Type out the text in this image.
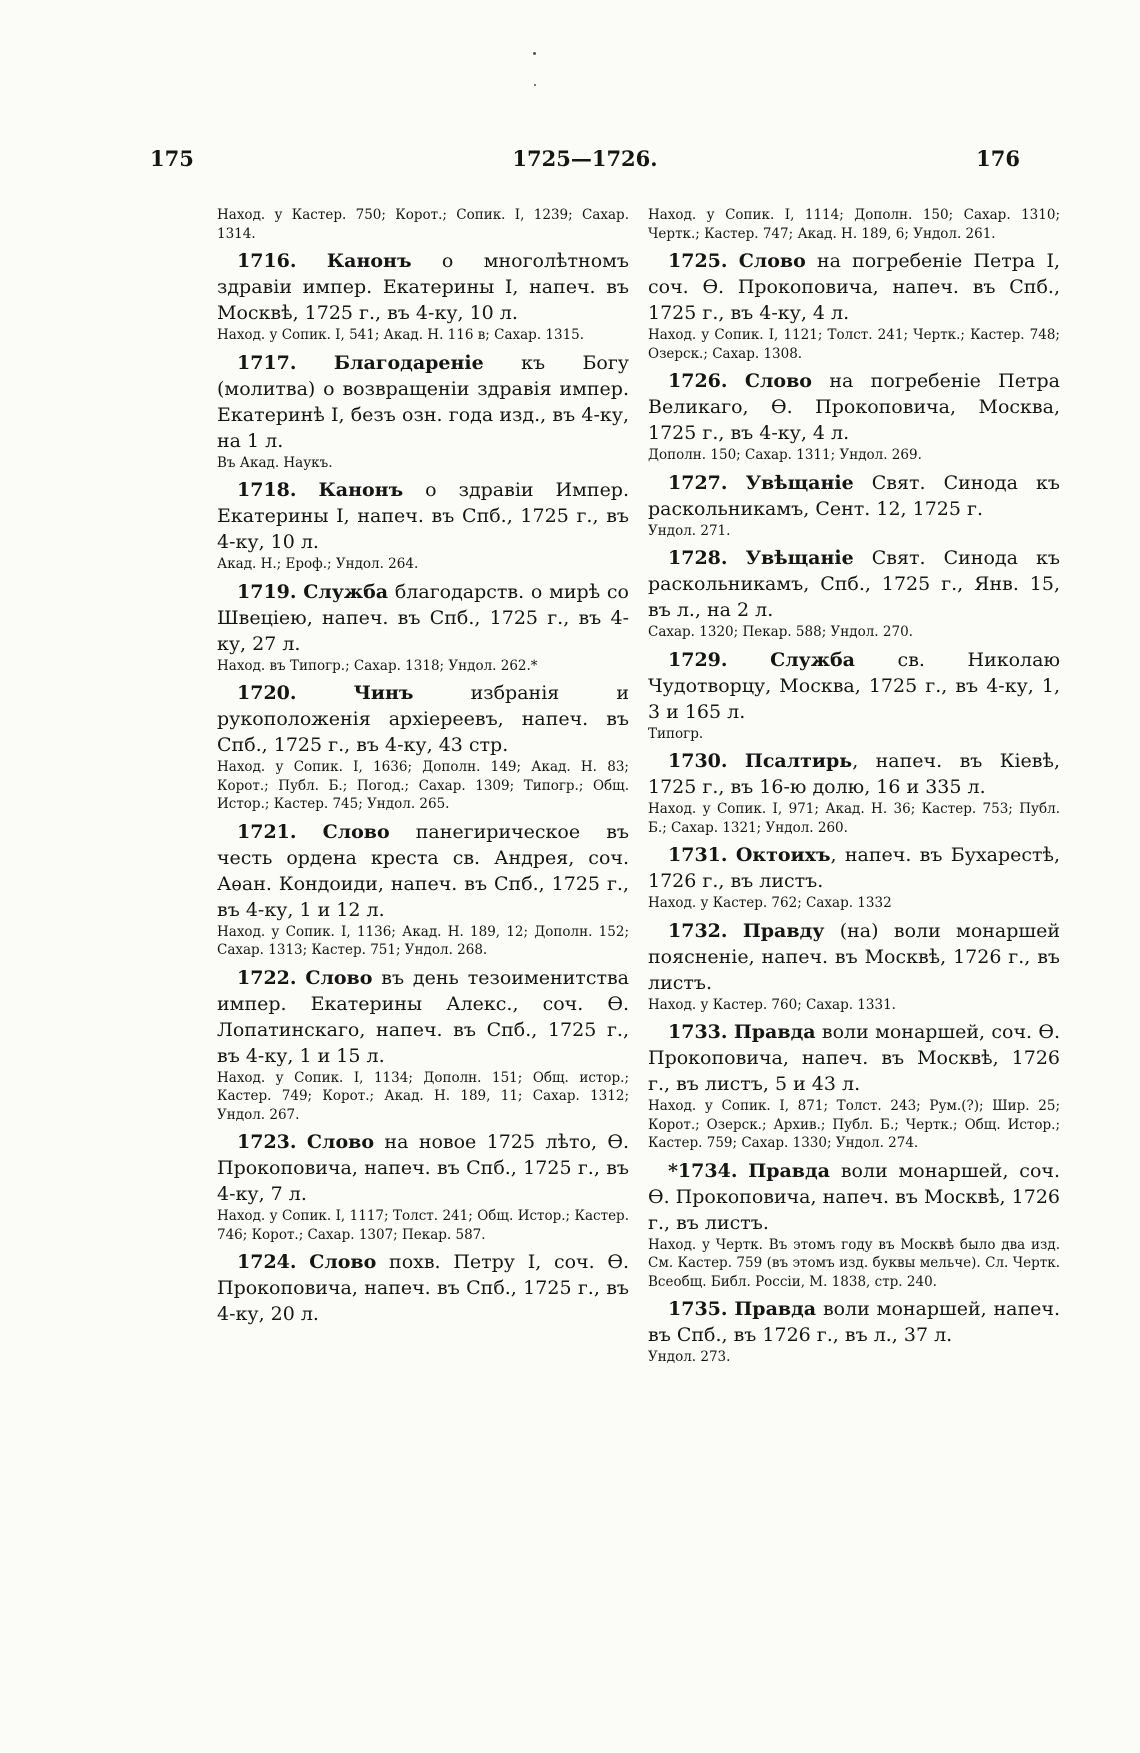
175	1725—1726.	176

Наход. у Кастер. 750; Корот.; Сопик. I, 1239; Сахар. 1314.

1716. Канонъ о многолѣтномъ здравіи импер. Екатерины I, напеч. въ Москвѣ, 1725 г., въ 4-ку, 10 л.

Наход. у Сопик. I, 541; Акад. Н. 116 в; Сахар. 1315.

1717. Благодареніе къ Богу (молитва) о возвращеніи здравія импер. Екатеринѣ I, безъ озн. года изд., въ 4-ку, на 1 л.

Въ Акад. Наукъ.

1718. Канонъ о здравіи Импер. Екатерины I, напеч. въ Спб., 1725 г., въ 4-ку, 10 л.

Акад. Н.; Ероф.; Ундол. 264.

1719. Служба благодарств. о мирѣ со Швеціею, напеч. въ Спб., 1725 г., въ 4-ку, 27 л.

Наход. въ Типогр.; Сахар. 1318; Ундол. 262.*

1720.	Чинъ	избранія и рукоположенія архіереевъ, напеч. въ Спб., 1725 г., въ 4-ку, 43 стр.

Наход. у Сопик. I, 1636; Дополн. 149; Акад. Н. 83; Корот.; Публ. Б.; Погод.; Сахар. 1309; Типогр.; Общ. Истор.; Кастер. 745; Ундол. 265.

1721. Слово панегирическое въ честь ордена креста св. Андрея, соч. Аѳан. Кондоиди, напеч. въ Спб., 1725 г., въ 4-ку, 1 и 12 л.

Наход. у Сопик. I, 1136; Акад. Н. 189, 12; Дополн. 152; Сахар. 1313; Кастер. 751; Ундол. 268.

1722. Слово въ день тезоименитства импер. Екатерины Алекс., соч. Ѳ. Лопатинскаго, напеч. въ Спб., 1725 г., въ 4-ку, 1 и 15 л.

Наход. у Сопик. I, 1134; Дополн. 151; Общ. истор.; Кастер. 749; Корот.; Акад. Н. 189, 11; Сахар. 1312; Ундол. 267.

1723. Слово на новое 1725 лѣто, Ѳ. Прокоповича, напеч. въ Спб., 1725 г., въ 4-ку, 7 л.

Наход. у Сопик. I, 1117; Толст. 241; Общ. Истор.; Кастер. 746; Корот.; Сахар. 1307; Пекар. 587.

1724. Слово похв. Петру I, соч. Ѳ. Прокоповича, напеч. въ Спб., 1725 г., въ 4-ку, 20 л.

Наход. у Сопик. I, 1114; Дополн. 150; Сахар. 1310; Чертк.; Кастер. 747; Акад. Н. 189, 6; Ундол. 261.

1725. Слово на погребеніе Петра I, соч. Ѳ. Прокоповича, напеч. въ Спб., 1725 г., въ 4-ку, 4 л.

Наход. у Сопик. I, 1121; Толст. 241; Чертк.; Кастер. 748; Озерск.; Сахар. 1308.

1726. Слово на погребеніе Петра Великаго, Ѳ. Прокоповича, Москва, 1725 г., въ 4-ку, 4 л.

Дополн. 150; Сахар. 1311; Ундол. 269.

1727. Увѣщаніе Свят. Синода къ раскольникамъ, Сент. 12, 1725 г.

Ундол. 271.

1728. Увѣщаніе Свят. Синода къ раскольникамъ, Спб., 1725 г., Янв. 15, въ л., на 2 л.

Сахар. 1320; Пекар. 588; Ундол. 270.

1729. Служба св. Николаю Чудотворцу, Москва, 1725 г., въ 4-ку, 1, 3 и 165 л.

Типогр.

1730. Псалтирь, напеч. въ Кіевѣ, 1725 г., въ 16-ю долю, 16 и 335 л.

Наход. у Сопик. I, 971; Акад. Н. 36; Кастер. 753; Публ. Б.; Сахар. 1321; Ундол. 260.

1731. Октоихъ, напеч. въ Бухарестѣ, 1726 г., въ листъ.

Наход. у Кастер. 762; Сахар. 1332

1732. Правду (на) воли монаршей поясненіе, напеч. въ Москвѣ, 1726 г., въ листъ.

Наход. у Кастер. 760; Сахар. 1331.

1733. Правда воли монаршей, соч. Ѳ. Прокоповича, напеч. въ Москвѣ, 1726 г., въ листъ, 5 и 43 л.

Наход. у Сопик. I, 871; Толст. 243; Рум.(?); Шир. 25; Корот.; Озерск.; Архив.; Публ. Б.; Чертк.; Общ. Истор.; Кастер. 759; Сахар. 1330; Ундол. 274.

*1734. Правда воли монаршей, соч. Ѳ. Прокоповича, напеч. въ Москвѣ, 1726 г., въ листъ.

Наход. у Чертк. Въ этомъ году въ Москвѣ было два изд. См. Кастер. 759 (въ этомъ изд. буквы мельче). Сл. Чертк. Всеобщ. Библ. Россіи, М. 1838, стр. 240.

1735. Правда воли монаршей, напеч. въ Спб., въ 1726 г., въ л., 37 л.

Ундол. 273.
